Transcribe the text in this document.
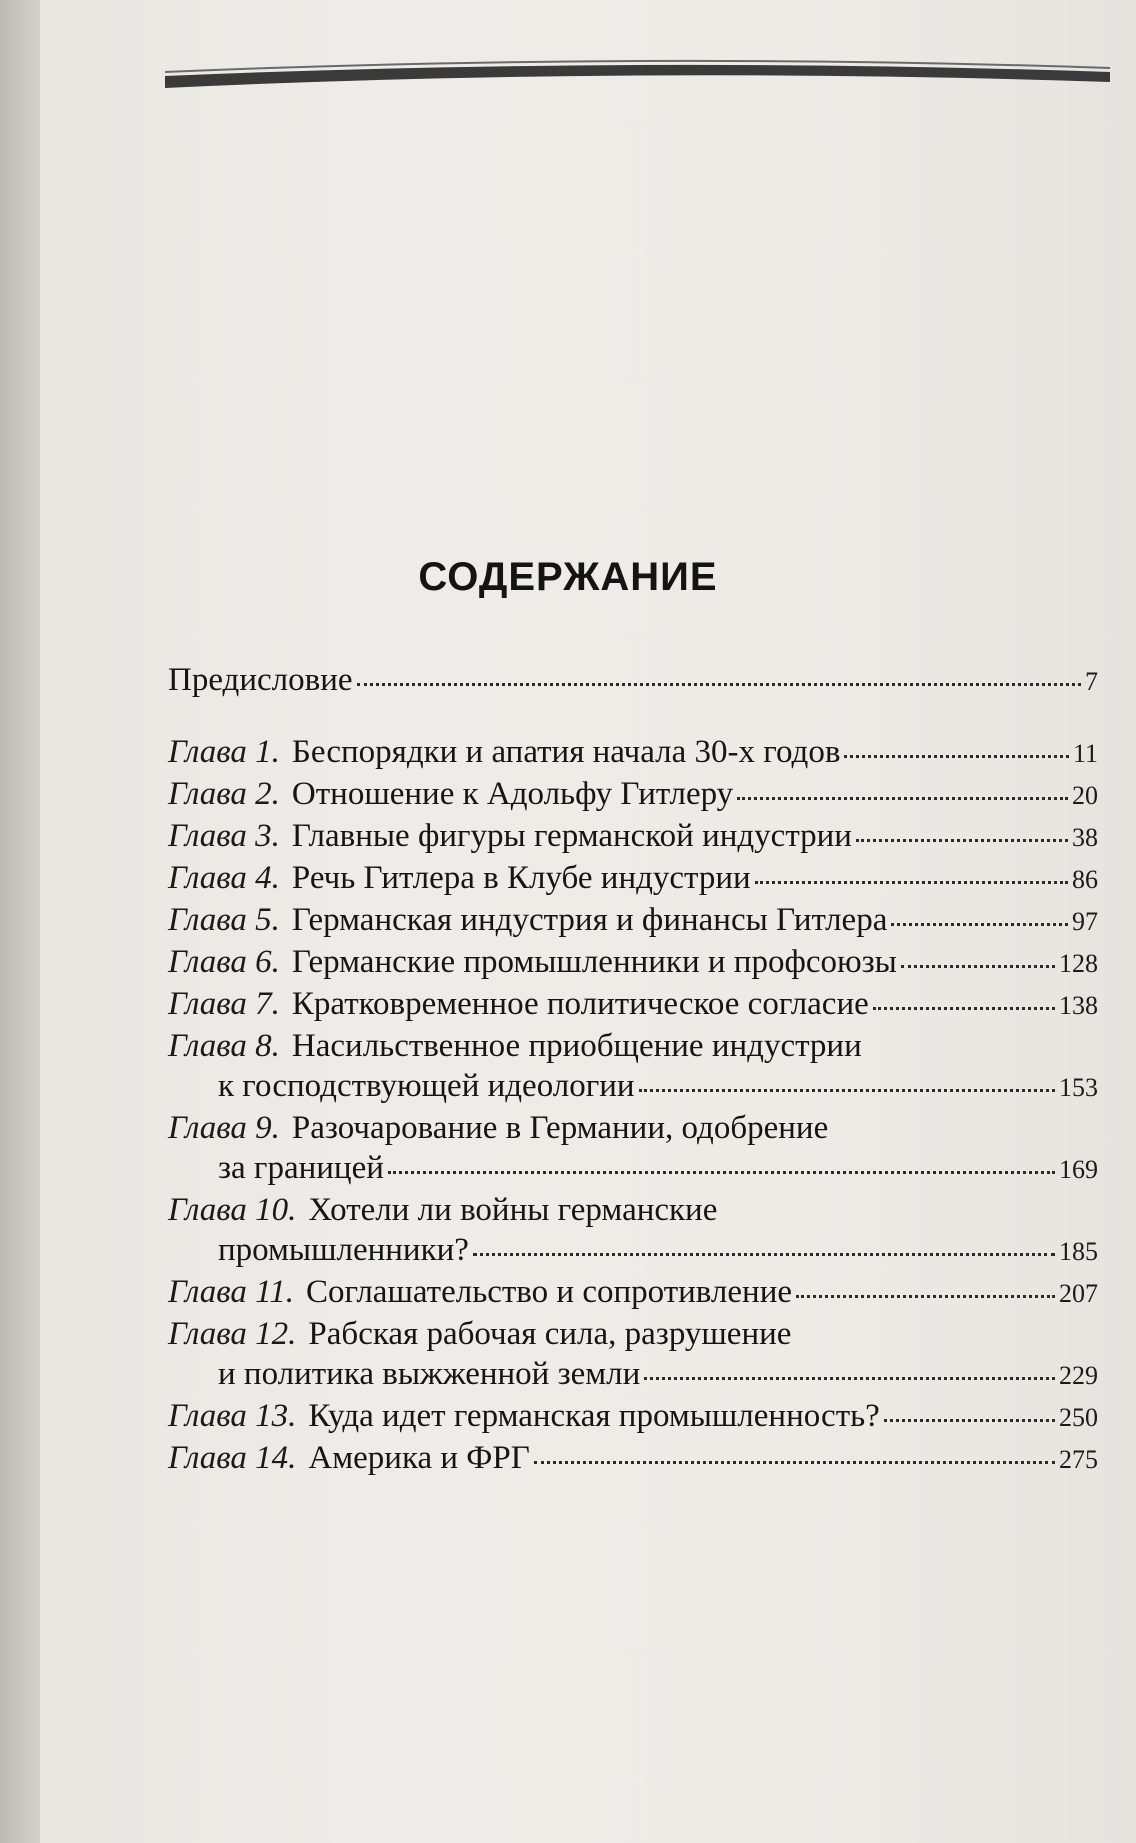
СОДЕРЖАНИЕ
Предисловие	7
Глава 1. Беспорядки и апатия начала 30-х годов	11
Глава 2. Отношение к Адольфу Гитлеру	20
Глава 3. Главные фигуры германской индустрии	38
Глава 4. Речь Гитлера в Клубе индустрии	86
Глава 5. Германская индустрия и финансы Гитлера	97
Глава 6. Германские промышленники и профсоюзы	128
Глава 7. Кратковременное политическое согласие	138
Глава 8. Насильственное приобщение индустрии
к господствующей идеологии	153
Глава 9. Разочарование в Германии, одобрение
за границей	169
Глава 10. Хотели ли войны германские
промышленники?	185
Глава 11. Соглашательство и сопротивление	207
Глава 12. Рабская рабочая сила, разрушение
и политика выжженной земли	229
Глава 13. Куда идет германская промышленность?	250
Глава 14. Америка и ФРГ	275
